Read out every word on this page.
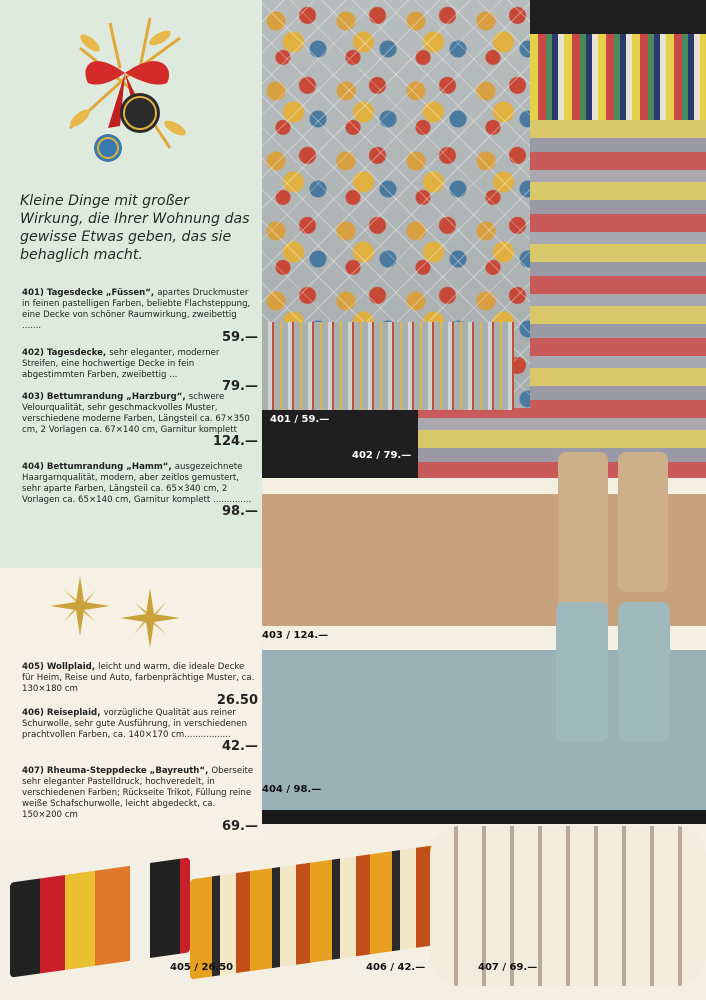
Kleine Dinge mit großer Wirkung, die Ihrer Wohnung das gewisse Etwas geben, das sie behaglich macht.
401) Tagesdecke „Füssen“, apartes Druckmuster in feinen pastelligen Farben, beliebte Flachsteppung, eine Decke von schöner Raumwirkung, zweibettig .......
59.—
402) Tagesdecke, sehr eleganter, moderner Streifen, eine hochwertige Decke in fein abgestimmten Farben, zweibettig ...
79.—
403) Bettumrandung „Harzburg“, schwere Velourqualität, sehr geschmackvolles Muster, verschiedene moderne Farben, Längsteil ca. 67×350 cm, 2 Vorlagen ca. 67×140 cm, Garnitur komplett
124.—
404) Bettumrandung „Hamm“, ausgezeichnete Haargarnqualität, modern, aber zeitlos gemustert, sehr aparte Farben, Längsteil ca. 65×340 cm, 2 Vorlagen ca. 65×140 cm, Garnitur komplett ..............
98.—
405) Wollplaid, leicht und warm, die ideale Decke für Heim, Reise und Auto, farbenprächtige Muster, ca. 130×180 cm
26.50
406) Reiseplaid, vorzügliche Qualität aus reiner Schurwolle, sehr gute Ausführung, in verschiedenen prachtvollen Farben, ca. 140×170 cm.................
42.—
407) Rheuma-Steppdecke „Bayreuth“, Oberseite sehr eleganter Pastelldruck, hochveredelt, in verschiedenen Farben; Rückseite Trikot, Füllung reine weiße Schafschurwolle, leicht abgedeckt, ca. 150×200 cm
69.—
401 / 59.—
402 / 79.—
403 / 124.—
404 / 98.—
405 / 26.50	406 / 42.—	407 / 69.—
